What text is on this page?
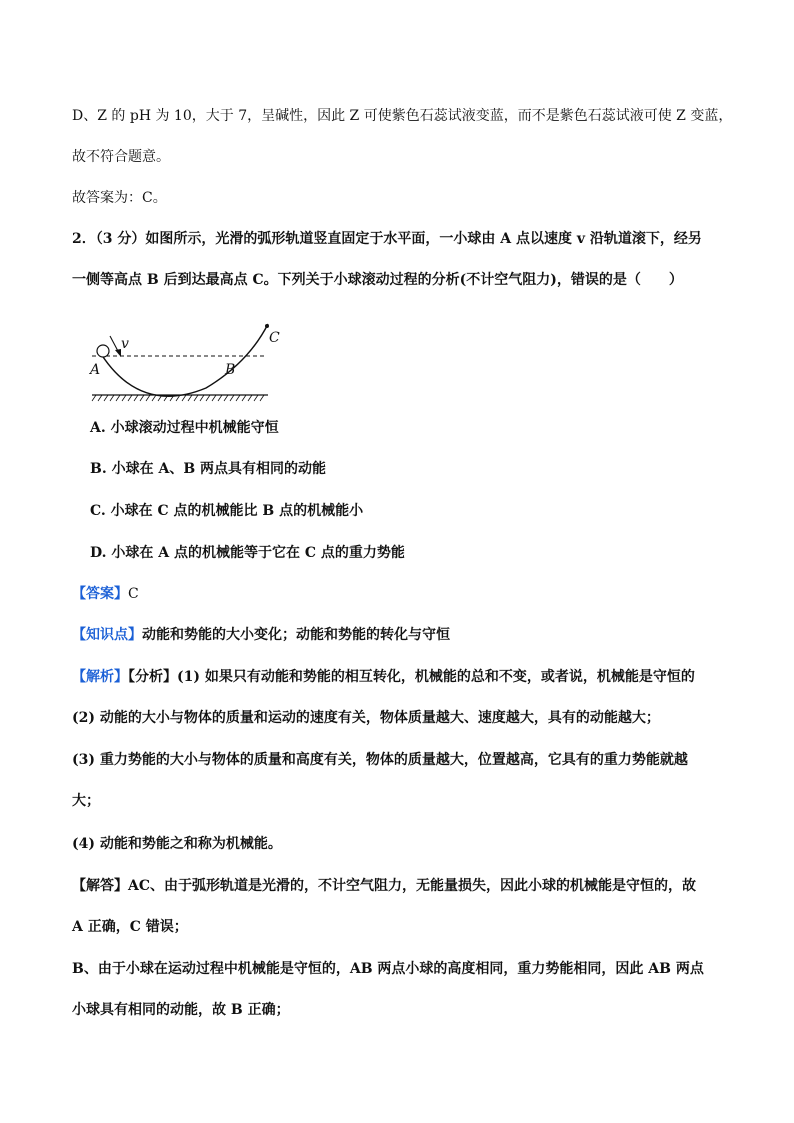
D、Z 的 pH 为 10，大于 7，呈碱性，因此 Z 可使紫色石蕊试液变蓝，而不是紫色石蕊试液可使 Z 变蓝，
故不符合题意。
故答案为：C。
2．（3 分）如图所示，光滑的弧形轨道竖直固定于水平面，一小球由 A 点以速度 v 沿轨道滚下，经另
一侧等高点 B 后到达最高点 C。下列关于小球滚动过程的分析(不计空气阻力)，错误的是（　　）
v
A	B
C
A. 小球滚动过程中机械能守恒
B. 小球在 A、B 两点具有相同的动能
C. 小球在 C 点的机械能比 B 点的机械能小
D. 小球在 A 点的机械能等于它在 C 点的重力势能
【答案】C
【知识点】动能和势能的大小变化；动能和势能的转化与守恒
【解析】【分析】(1) 如果只有动能和势能的相互转化，机械能的总和不变，或者说，机械能是守恒的
(2) 动能的大小与物体的质量和运动的速度有关，物体质量越大、速度越大，具有的动能越大；
(3) 重力势能的大小与物体的质量和高度有关，物体的质量越大，位置越高，它具有的重力势能就越
大；
(4) 动能和势能之和称为机械能。
【解答】AC、由于弧形轨道是光滑的，不计空气阻力，无能量损失，因此小球的机械能是守恒的，故
A 正确，C 错误；
B、由于小球在运动过程中机械能是守恒的，AB 两点小球的高度相同，重力势能相同，因此 AB 两点
小球具有相同的动能，故 B 正确；
